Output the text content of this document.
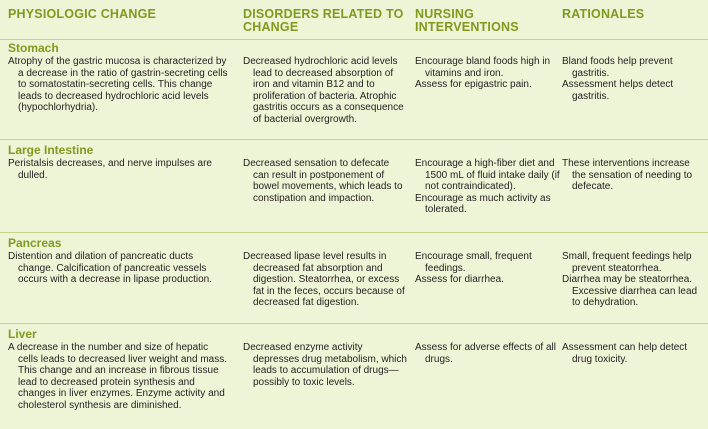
PHYSIOLOGIC CHANGE	DISORDERS RELATED TO CHANGE
NURSING INTERVENTIONS
RATIONALES
Stomach

Atrophy of the gastric mucosa is characterized by a decrease in the ratio of gastrin-secreting cells to somatostatin-secreting cells. This change leads to decreased hydrochloric acid levels (hypochlorhydria).

Decreased hydrochloric acid levels lead to decreased absorption of iron and vitamin B12 and to proliferation of bacteria. Atrophic gastritis occurs as a consequence of bacterial overgrowth.

Encourage bland foods high in vitamins and iron.

Assess for epigastric pain.

Bland foods help prevent gastritis.

Assessment helps detect gastritis.

Large Intestine

Peristalsis decreases, and nerve impulses are dulled.

Decreased sensation to defecate can result in postponement of bowel movements, which leads to constipation and impaction.

Encourage a high-fiber diet and 1500 mL of fluid intake daily (if not contraindicated).

Encourage as much activity as tolerated.

These interventions increase the sensation of needing to defecate.

Pancreas

Distention and dilation of pancreatic ducts change. Calcification of pancreatic vessels occurs with a decrease in lipase production.

Decreased lipase level results in decreased fat absorption and digestion. Steatorrhea, or excess fat in the feces, occurs because of decreased fat digestion.

Encourage small, frequent feedings.

Assess for diarrhea.

Small, frequent feedings help prevent steatorrhea.

Diarrhea may be steatorrhea. Excessive diarrhea can lead to dehydration.

Liver

A decrease in the number and size of hepatic cells leads to decreased liver weight and mass. This change and an increase in fibrous tissue lead to decreased protein synthesis and changes in liver enzymes. Enzyme activity and cholesterol synthesis are diminished.

Decreased enzyme activity depresses drug metabolism, which leads to accumulation of drugs—possibly to toxic levels.

Assess for adverse effects of all drugs.

Assessment can help detect drug toxicity.
